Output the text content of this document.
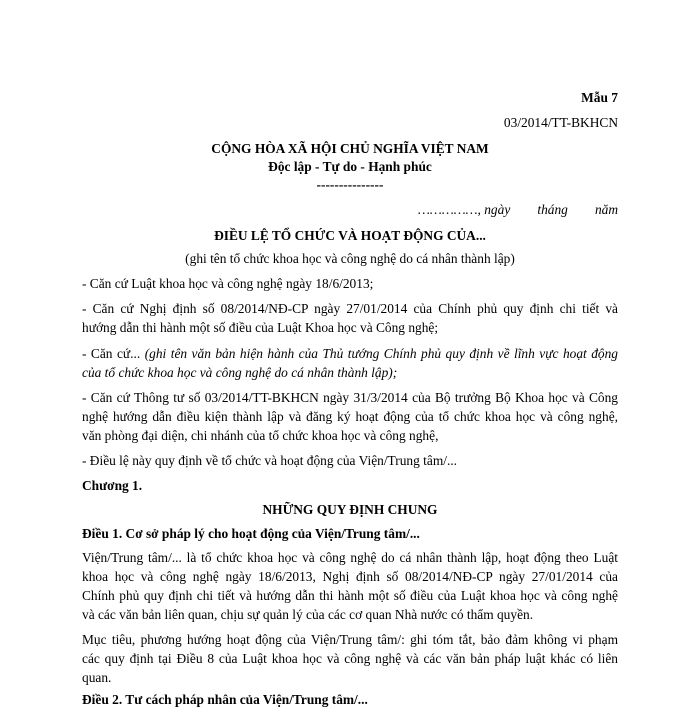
Mẫu 7
03/2014/TT-BKHCN
CỘNG HÒA XÃ HỘI CHỦ NGHĨA VIỆT NAM
Độc lập - Tự do - Hạnh phúc
---------------
……………, ngày tháng năm
ĐIỀU LỆ TỔ CHỨC VÀ HOẠT ĐỘNG CỦA...
(ghi tên tổ chức khoa học và công nghệ do cá nhân thành lập)
- Căn cứ Luật khoa học và công nghệ ngày 18/6/2013;
- Căn cứ Nghị định số 08/2014/NĐ-CP ngày 27/01/2014 của Chính phủ quy định chi tiết và
hướng dẫn thi hành một số điều của Luật Khoa học và Công nghệ;
- Căn cứ... (ghi tên văn bản hiện hành của Thủ tướng Chính phủ quy định về lĩnh vực hoạt động
của tổ chức khoa học và công nghệ do cá nhân thành lập);
- Căn cứ Thông tư số 03/2014/TT-BKHCN ngày 31/3/2014 của Bộ trưởng Bộ Khoa học và Công
nghệ hướng dẫn điều kiện thành lập và đăng ký hoạt động của tổ chức khoa học và công nghệ,
văn phòng đại diện, chi nhánh của tổ chức khoa học và công nghệ,
- Điều lệ này quy định về tổ chức và hoạt động của Viện/Trung tâm/...
Chương 1.
NHỮNG QUY ĐỊNH CHUNG
Điều 1. Cơ sở pháp lý cho hoạt động của Viện/Trung tâm/...
Viện/Trung tâm/... là tổ chức khoa học và công nghệ do cá nhân thành lập, hoạt động theo Luật
khoa học và công nghệ ngày 18/6/2013, Nghị định số 08/2014/NĐ-CP ngày 27/01/2014 của
Chính phủ quy định chi tiết và hướng dẫn thi hành một số điều của Luật khoa học và công nghệ
và các văn bản liên quan, chịu sự quản lý của các cơ quan Nhà nước có thẩm quyền.
Mục tiêu, phương hướng hoạt động của Viện/Trung tâm/: ghi tóm tắt, bảo đảm không vi phạm
các quy định tại Điều 8 của Luật khoa học và công nghệ và các văn bản pháp luật khác có liên
quan.
Điều 2. Tư cách pháp nhân của Viện/Trung tâm/...
